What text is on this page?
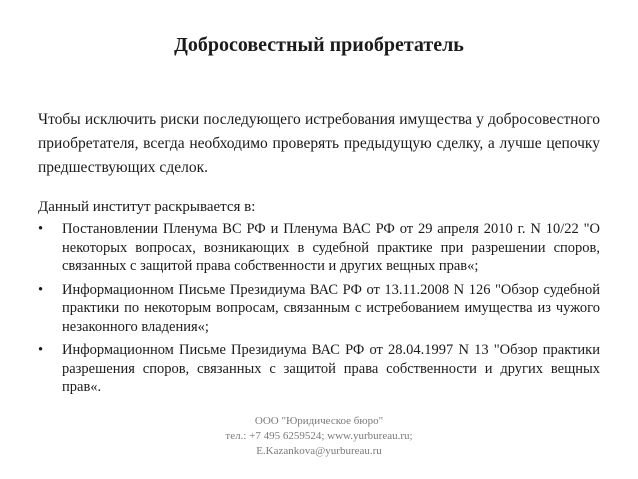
Добросовестный приобретатель
Чтобы исключить риски последующего истребования имущества у добросовестного приобретателя, всегда необходимо проверять предыдущую сделку, а лучше цепочку предшествующих сделок.
Данный институт раскрывается в:
•	Постановлении Пленума ВС РФ и Пленума ВАС РФ от 29 апреля 2010 г. N 10/22 "О некоторых вопросах, возникающих в судебной практике при разрешении споров, связанных с защитой права собственности и других вещных прав«;
•	Информационном Письме Президиума ВАС РФ от 13.11.2008 N 126 "Обзор судебной практики по некоторым вопросам, связанным с истребованием имущества из чужого незаконного владения«;
•	Информационном Письме Президиума ВАС РФ от 28.04.1997 N 13 "Обзор практики разрешения споров, связанных с защитой права собственности и других вещных прав«.
ООО "Юридическое бюро"
тел.: +7 495 6259524; www.yurbureau.ru;
E.Kazankova@yurbureau.ru
